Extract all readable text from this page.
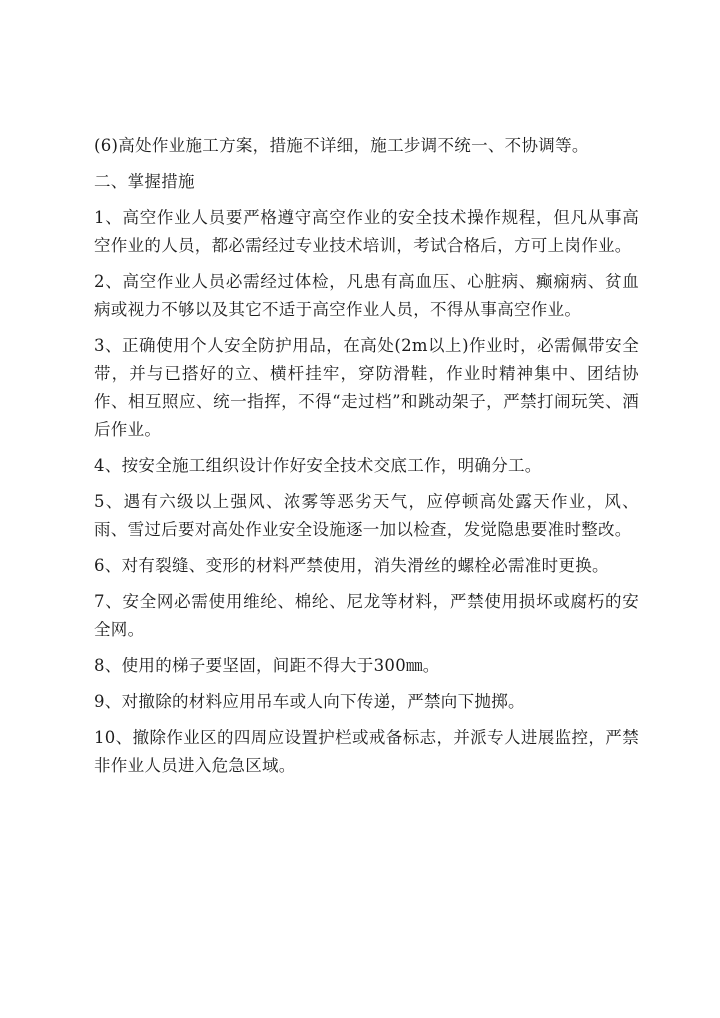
(6)高处作业施工方案，措施不详细，施工步调不统一、不协调等。

二、掌握措施

1、高空作业人员要严格遵守高空作业的安全技术操作规程，但凡从事高空作业的人员，都必需经过专业技术培训，考试合格后，方可上岗作业。

2、高空作业人员必需经过体检，凡患有高血压、心脏病、癫痫病、贫血病或视力不够以及其它不适于高空作业人员，不得从事高空作业。

3、正确使用个人安全防护用品，在高处(2m以上)作业时，必需佩带安全带，并与已搭好的立、横杆挂牢，穿防滑鞋，作业时精神集中、团结协作、相互照应、统一指挥，不得“走过档”和跳动架子，严禁打闹玩笑、酒后作业。

4、按安全施工组织设计作好安全技术交底工作，明确分工。

5、遇有六级以上强风、浓雾等恶劣天气，应停顿高处露天作业，风、雨、雪过后要对高处作业安全设施逐一加以检查，发觉隐患要准时整改。

6、对有裂缝、变形的材料严禁使用，消失滑丝的螺栓必需准时更换。

7、安全网必需使用维纶、棉纶、尼龙等材料，严禁使用损坏或腐朽的安全网。

8、使用的梯子要坚固，间距不得大于300㎜。

9、对撤除的材料应用吊车或人向下传递，严禁向下抛掷。

10、撤除作业区的四周应设置护栏或戒备标志，并派专人进展监控，严禁非作业人员进入危急区域。
